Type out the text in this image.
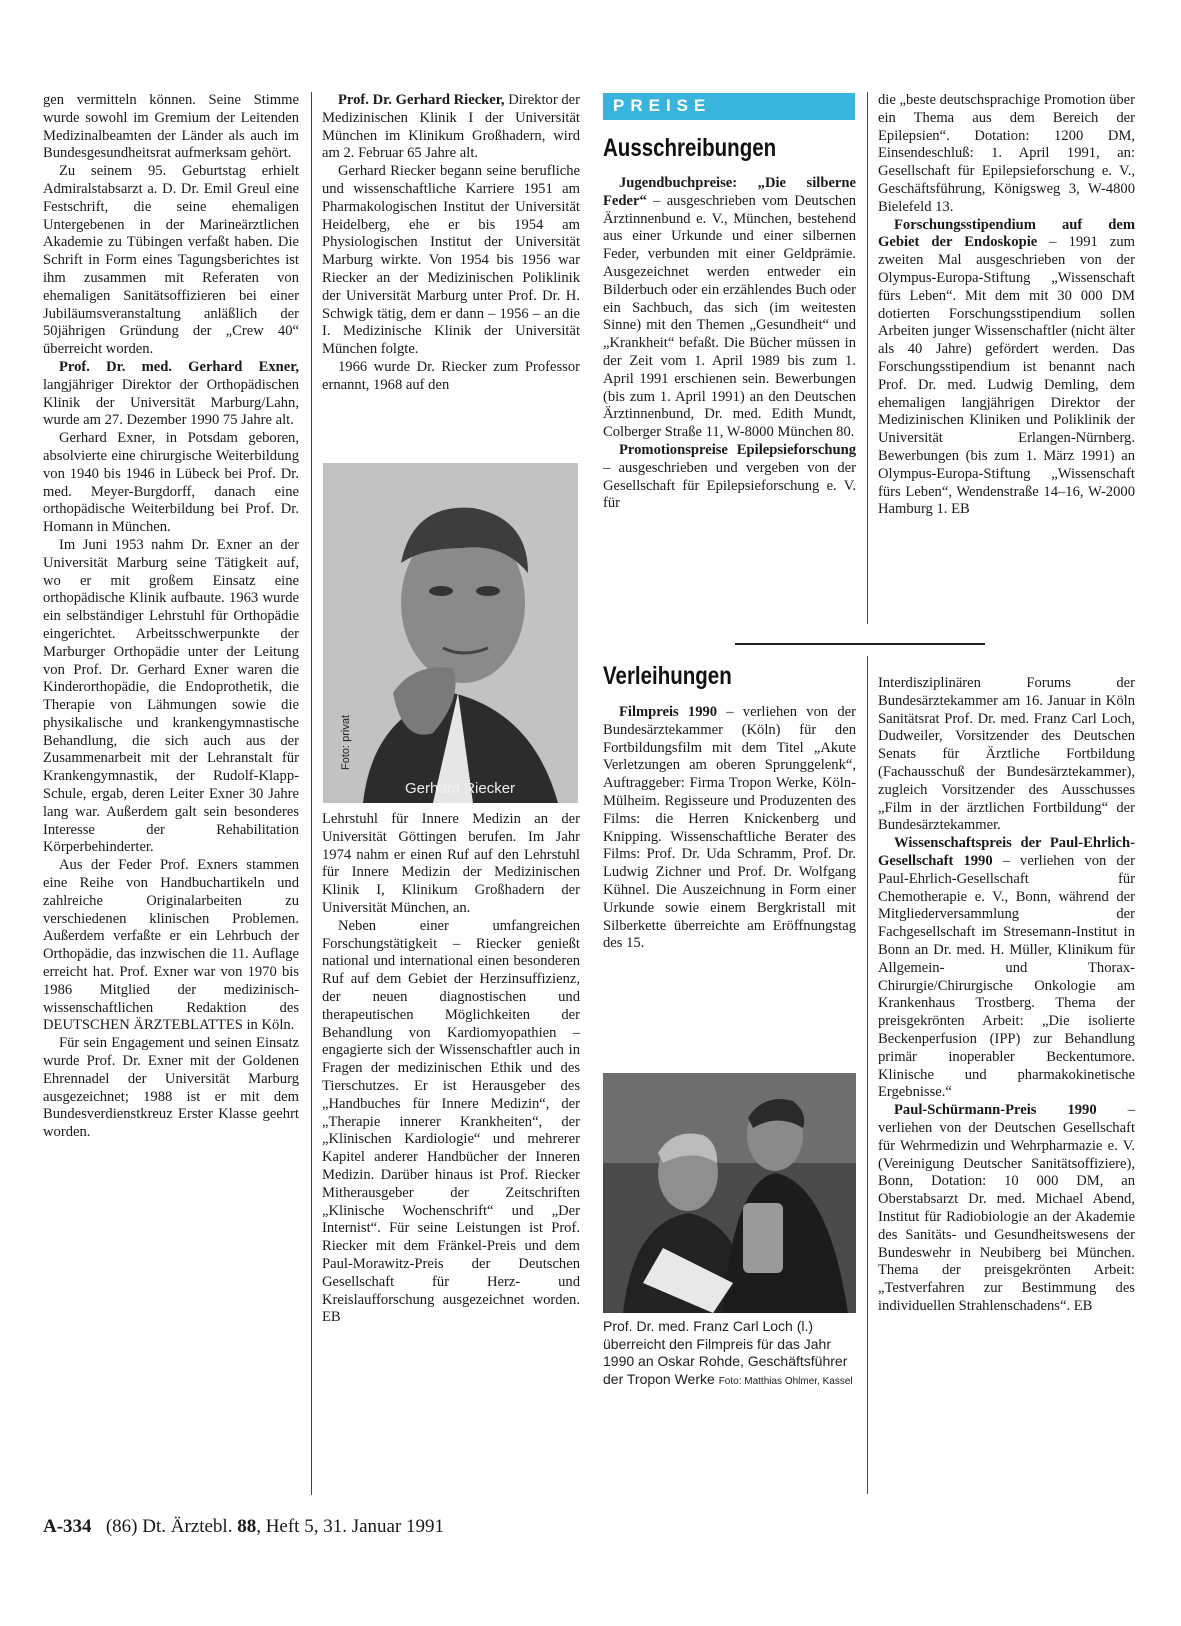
gen vermitteln können. Seine Stimme wurde sowohl im Gremium der Leitenden Medizinalbeamten der Länder als auch im Bundesgesundheitsrat aufmerksam gehört.

Zu seinem 95. Geburtstag erhielt Admiralstabsarzt a. D. Dr. Emil Greul eine Festschrift, die seine ehemaligen Untergebenen in der Marineärztlichen Akademie zu Tübingen verfaßt haben. Die Schrift in Form eines Tagungsberichtes ist ihm zusammen mit Referaten von ehemaligen Sanitätsoffizieren bei einer Jubiläumsveranstaltung anläßlich der 50jährigen Gründung der „Crew 40“ überreicht worden.

Prof. Dr. med. Gerhard Exner, langjähriger Direktor der Orthopädischen Klinik der Universität Marburg/Lahn, wurde am 27. Dezember 1990 75 Jahre alt.

Gerhard Exner, in Potsdam geboren, absolvierte eine chirurgische Weiterbildung von 1940 bis 1946 in Lübeck bei Prof. Dr. med. Meyer-Burgdorff, danach eine orthopädische Weiterbildung bei Prof. Dr. Homann in München.

Im Juni 1953 nahm Dr. Exner an der Universität Marburg seine Tätigkeit auf, wo er mit großem Einsatz eine orthopädische Klinik aufbaute. 1963 wurde ein selbständiger Lehrstuhl für Orthopädie eingerichtet. Arbeitsschwerpunkte der Marburger Orthopädie unter der Leitung von Prof. Dr. Gerhard Exner waren die Kinderorthopädie, die Endoprothetik, die Therapie von Lähmungen sowie die physikalische und krankengymnastische Behandlung, die sich auch aus der Zusammenarbeit mit der Lehranstalt für Krankengymnastik, der Rudolf-Klapp-Schule, ergab, deren Leiter Exner 30 Jahre lang war. Außerdem galt sein besonderes Interesse der Rehabilitation Körperbehinderter.

Aus der Feder Prof. Exners stammen eine Reihe von Handbuchartikeln und zahlreiche Originalarbeiten zu verschiedenen klinischen Problemen. Außerdem verfaßte er ein Lehrbuch der Orthopädie, das inzwischen die 11. Auflage erreicht hat. Prof. Exner war von 1970 bis 1986 Mitglied der medizinisch-wissenschaftlichen Redaktion des DEUTSCHEN ÄRZTEBLATTES in Köln.

Für sein Engagement und seinen Einsatz wurde Prof. Dr. Exner mit der Goldenen Ehrennadel der Universität Marburg ausgezeichnet; 1988 ist er mit dem Bundesverdienstkreuz Erster Klasse geehrt worden.

Prof. Dr. Gerhard Riecker, Direktor der Medizinischen Klinik I der Universität München im Klinikum Großhadern, wird am 2. Februar 65 Jahre alt.

Gerhard Riecker begann seine berufliche und wissenschaftliche Karriere 1951 am Pharmakologischen Institut der Universität Heidelberg, ehe er bis 1954 am Physiologischen Institut der Universität Marburg wirkte. Von 1954 bis 1956 war Riecker an der Medizinischen Poliklinik der Universität Marburg unter Prof. Dr. H. Schwigk tätig, dem er dann – 1956 – an die I. Medizinische Klinik der Universität München folgte.

1966 wurde Dr. Riecker zum Professor ernannt, 1968 auf den

Foto: privat
Gerhard Riecker
PREISE
Ausschreibungen

Jugendbuchpreise: „Die silberne Feder“ – ausgeschrieben vom Deutschen Ärztinnenbund e. V., München, bestehend aus einer Urkunde und einer silbernen Feder, verbunden mit einer Geldprämie. Ausgezeichnet werden entweder ein Bilderbuch oder ein erzählendes Buch oder ein Sachbuch, das sich (im weitesten Sinne) mit den Themen „Gesundheit“ und „Krankheit“ befaßt. Die Bücher müssen in der Zeit vom 1. April 1989 bis zum 1. April 1991 erschienen sein. Bewerbungen (bis zum 1. April 1991) an den Deutschen Ärztinnenbund, Dr. med. Edith Mundt, Colberger Straße 11, W-8000 München 80.

Promotionspreise Epilepsieforschung – ausgeschrieben und vergeben von der Gesellschaft für Epilepsieforschung e. V. für

die „beste deutschsprachige Promotion über ein Thema aus dem Bereich der Epilepsien“. Dotation: 1200 DM, Einsendeschluß: 1. April 1991, an: Gesellschaft für Epilepsieforschung e. V., Geschäftsführung, Königsweg 3, W-4800 Bielefeld 13.

Forschungsstipendium auf dem Gebiet der Endoskopie – 1991 zum zweiten Mal ausgeschrieben von der Olympus-Europa-Stiftung „Wissenschaft fürs Leben“. Mit dem mit 30 000 DM dotierten Forschungsstipendium sollen Arbeiten junger Wissenschaftler (nicht älter als 40 Jahre) gefördert werden. Das Forschungsstipendium ist benannt nach Prof. Dr. med. Ludwig Demling, dem ehemaligen langjährigen Direktor der Medizinischen Kliniken und Poliklinik der Universität Erlangen-Nürnberg. Bewerbungen (bis zum 1. März 1991) an Olympus-Europa-Stiftung „Wissenschaft fürs Leben“, Wendenstraße 14–16, W-2000 Hamburg 1. EB

Verleihungen

Filmpreis 1990 – verliehen von der Bundesärztekammer (Köln) für den Fortbildungsfilm mit dem Titel „Akute Verletzungen am oberen Sprunggelenk“, Auftraggeber: Firma Tropon Werke, Köln-Mülheim. Regisseure und Produzenten des Films: die Herren Knickenberg und Knipping. Wissenschaftliche Berater des Films: Prof. Dr. Uda Schramm, Prof. Dr. Ludwig Zichner und Prof. Dr. Wolfgang Kühnel. Die Auszeichnung in Form einer Urkunde sowie einem Bergkristall mit Silberkette überreichte am Eröffnungstag des 15.

Prof. Dr. med. Franz Carl Loch (l.) überreicht den Filmpreis für das Jahr 1990 an Oskar Rohde, Geschäftsführer der Tropon Werke Foto: Matthias Ohlmer, Kassel

Interdisziplinären Forums der Bundesärztekammer am 16. Januar in Köln Sanitätsrat Prof. Dr. med. Franz Carl Loch, Dudweiler, Vorsitzender des Deutschen Senats für Ärztliche Fortbildung (Fachausschuß der Bundesärztekammer), zugleich Vorsitzender des Ausschusses „Film in der ärztlichen Fortbildung“ der Bundesärztekammer.

Wissenschaftspreis der Paul-Ehrlich-Gesellschaft 1990 – verliehen von der Paul-Ehrlich-Gesellschaft für Chemotherapie e. V., Bonn, während der Mitgliederversammlung der Fachgesellschaft im Stresemann-Institut in Bonn an Dr. med. H. Müller, Klinikum für Allgemein- und Thorax-Chirurgie/Chirurgische Onkologie am Krankenhaus Trostberg. Thema der preisgekrönten Arbeit: „Die isolierte Beckenperfusion (IPP) zur Behandlung primär inoperabler Beckentumore. Klinische und pharmakokinetische Ergebnisse.“

Paul-Schürmann-Preis 1990 – verliehen von der Deutschen Gesellschaft für Wehrmedizin und Wehrpharmazie e. V. (Vereinigung Deutscher Sanitätsoffiziere), Bonn, Dotation: 10 000 DM, an Oberstabsarzt Dr. med. Michael Abend, Institut für Radiobiologie an der Akademie des Sanitäts- und Gesundheitswesens der Bundeswehr in Neubiberg bei München. Thema der preisgekrönten Arbeit: „Testverfahren zur Bestimmung des individuellen Strahlenschadens“. EB

A-334 (86) Dt. Ärztebl. 88, Heft 5, 31. Januar 1991

Lehrstuhl für Innere Medizin an der Universität Göttingen berufen. Im Jahr 1974 nahm er einen Ruf auf den Lehrstuhl für Innere Medizin der Medizinischen Klinik I, Klinikum Großhadern der Universität München, an.

Neben einer umfangreichen Forschungstätigkeit – Riecker genießt national und international einen besonderen Ruf auf dem Gebiet der Herzinsuffizienz, der neuen diagnostischen und therapeutischen Möglichkeiten der Behandlung von Kardiomyopathien – engagierte sich der Wissenschaftler auch in Fragen der medizinischen Ethik und des Tierschutzes. Er ist Herausgeber des „Handbuches für Innere Medizin“, der „Therapie innerer Krankheiten“, der „Klinischen Kardiologie“ und mehrerer Kapitel anderer Handbücher der Inneren Medizin. Darüber hinaus ist Prof. Riecker Mitherausgeber der Zeitschriften „Klinische Wochenschrift“ und „Der Internist“. Für seine Leistungen ist Prof. Riecker mit dem Fränkel-Preis und dem Paul-Morawitz-Preis der Deutschen Gesellschaft für Herz- und Kreislaufforschung ausgezeichnet worden. EB
